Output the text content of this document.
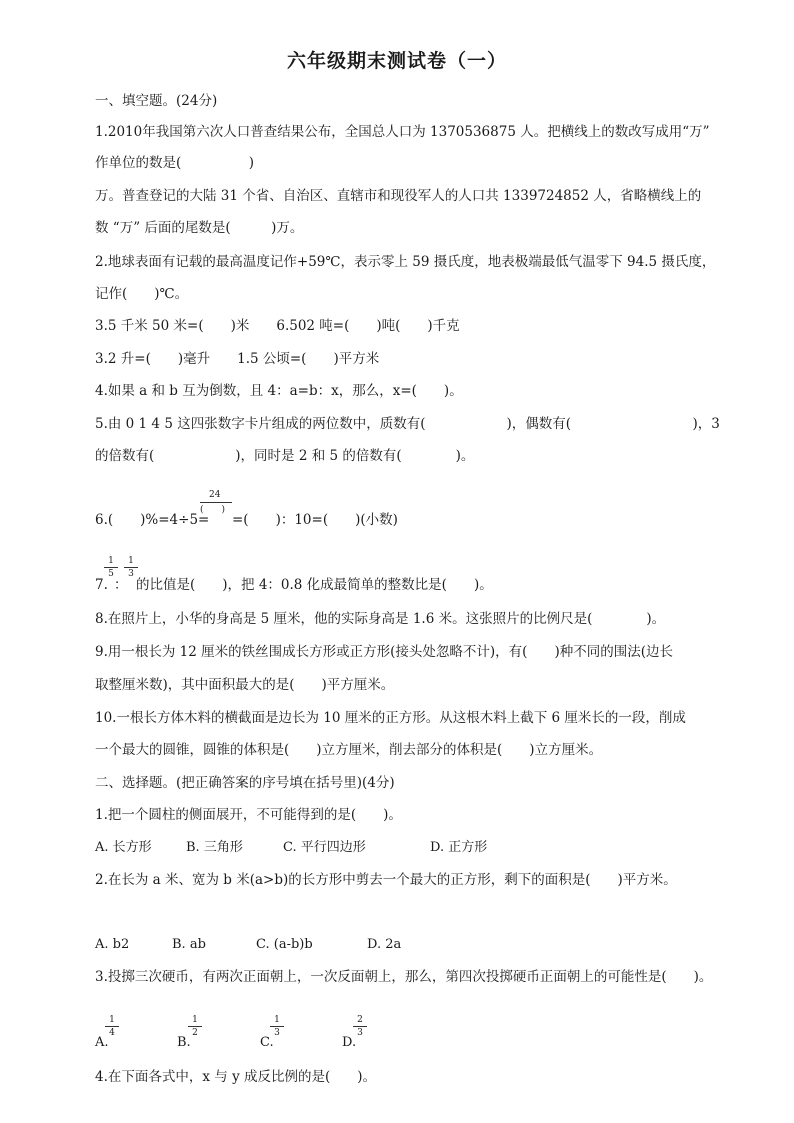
六年级期末测试卷（一）
一、填空题。(24分)
1.2010年我国第六次人口普查结果公布，全国总人口为 1370536875 人。把横线上的数改写成用“万”
作单位的数是(　　　　　)
万。普查登记的大陆 31 个省、自治区、直辖市和现役军人的人口共 1339724852 人，省略横线上的
数 “万” 后面的尾数是(　　　)万。
2.地球表面有记载的最高温度记作+59℃，表示零上 59 摄氏度，地表极端最低气温零下 94.5 摄氏度，
记作(　　)℃。
3.5 千米 50 米=(　　)米　　6.502 吨=(　　)吨(　　)千克
3.2 升=(　　)毫升　　1.5 公顷=(　　)平方米
4.如果 a 和 b 互为倒数，且 4：a=b：x，那么，x=(　　)。
5.由 0 1 4 5 这四张数字卡片组成的两位数中，质数有(　　　　　　)，偶数有(　　　　　　　　　)，3
的倍数有(　　　　　　)，同时是 2 和 5 的倍数有(　　　　)。
24
(　　)
6.(　　)%=4÷5= =(　　)：10=(　　)(小数)
1
5
1
3
7. ： 的比值是(　　)，把 4：0.8 化成最简单的整数比是(　　)。
8.在照片上，小华的身高是 5 厘米，他的实际身高是 1.6 米。这张照片的比例尺是(　　　　)。
9.用一根长为 12 厘米的铁丝围成长方形或正方形(接头处忽略不计)，有(　　)种不同的围法(边长
取整厘米数)，其中面积最大的是(　　)平方厘米。
10.一根长方体木料的横截面是边长为 10 厘米的正方形。从这根木料上截下 6 厘米长的一段，削成
一个最大的圆锥，圆锥的体积是(　　)立方厘米，削去部分的体积是(　　)立方厘米。
二、选择题。(把正确答案的序号填在括号里)(4分)
1.把一个圆柱的侧面展开，不可能得到的是(　　)。
A. 长方形	B. 三角形	C. 平行四边形	D. 正方形
2.在长为 a 米、宽为 b 米(a>b)的长方形中剪去一个最大的正方形，剩下的面积是(　　)平方米。
A. b2	B. ab	C. (a-b)b	D. 2a
3.投掷三次硬币，有两次正面朝上，一次反面朝上，那么，第四次投掷硬币正面朝上的可能性是(　　)。
1
4
A.
1
2
B.
1
3
C.
2
3
D.
4.在下面各式中，x 与 y 成反比例的是(　　)。
